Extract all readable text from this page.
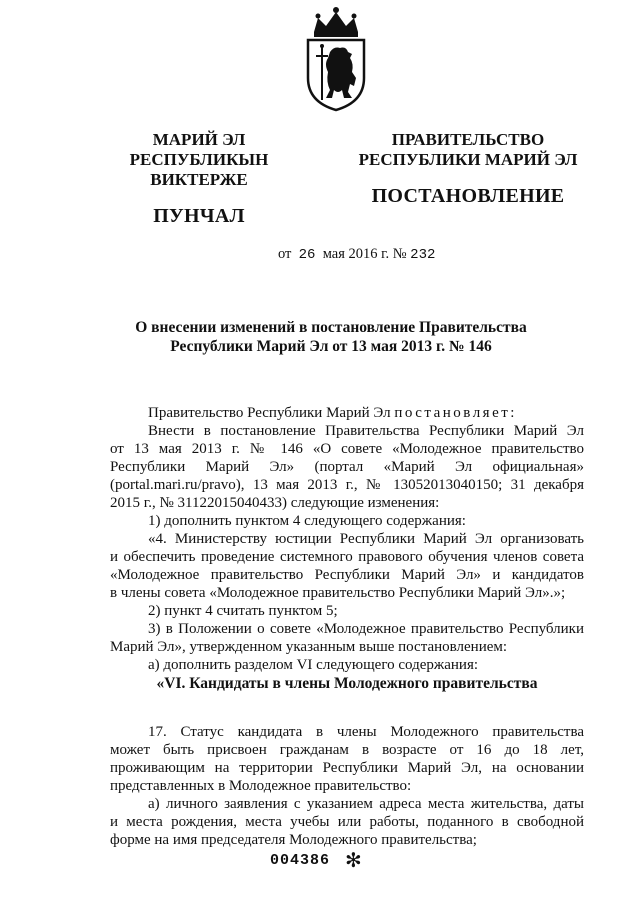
МАРИЙ ЭЛ РЕСПУБЛИКЫН
ВИКТЕРЖЕ
ПУНЧАЛ
ПРАВИТЕЛЬСТВО
РЕСПУБЛИКИ МАРИЙ ЭЛ
ПОСТАНОВЛЕНИЕ
от 26 мая 2016 г. № 232
О внесении изменений в постановление Правительства
Республики Марий Эл от 13 мая 2013 г. № 146
Правительство Республики Марий Эл постановляет:
Внести в постановление Правительства Республики Марий Эл
от 13 мая 2013 г. № 146 «О совете «Молодежное правительство
Республики Марий Эл» (портал «Марий Эл официальная»
(portal.mari.ru/pravo), 13 мая 2013 г., № 13052013040150; 31 декабря
2015 г., № 31122015040433) следующие изменения:
1) дополнить пунктом 4 следующего содержания:
«4. Министерству юстиции Республики Марий Эл организовать
и обеспечить проведение системного правового обучения членов совета
«Молодежное правительство Республики Марий Эл» и кандидатов
в члены совета «Молодежное правительство Республики Марий Эл».»;
2) пункт 4 считать пунктом 5;
3) в Положении о совете «Молодежное правительство Республики
Марий Эл», утвержденном указанным выше постановлением:
а) дополнить разделом VI следующего содержания:
«VI. Кандидаты в члены Молодежного правительства
17. Статус кандидата в члены Молодежного правительства
может быть присвоен гражданам в возрасте от 16 до 18 лет,
проживающим на территории Республики Марий Эл, на основании
представленных в Молодежное правительство:
а) личного заявления с указанием адреса места жительства, даты
и места рождения, места учебы или работы, поданного в свободной
форме на имя председателя Молодежного правительства;
004386 ✻
